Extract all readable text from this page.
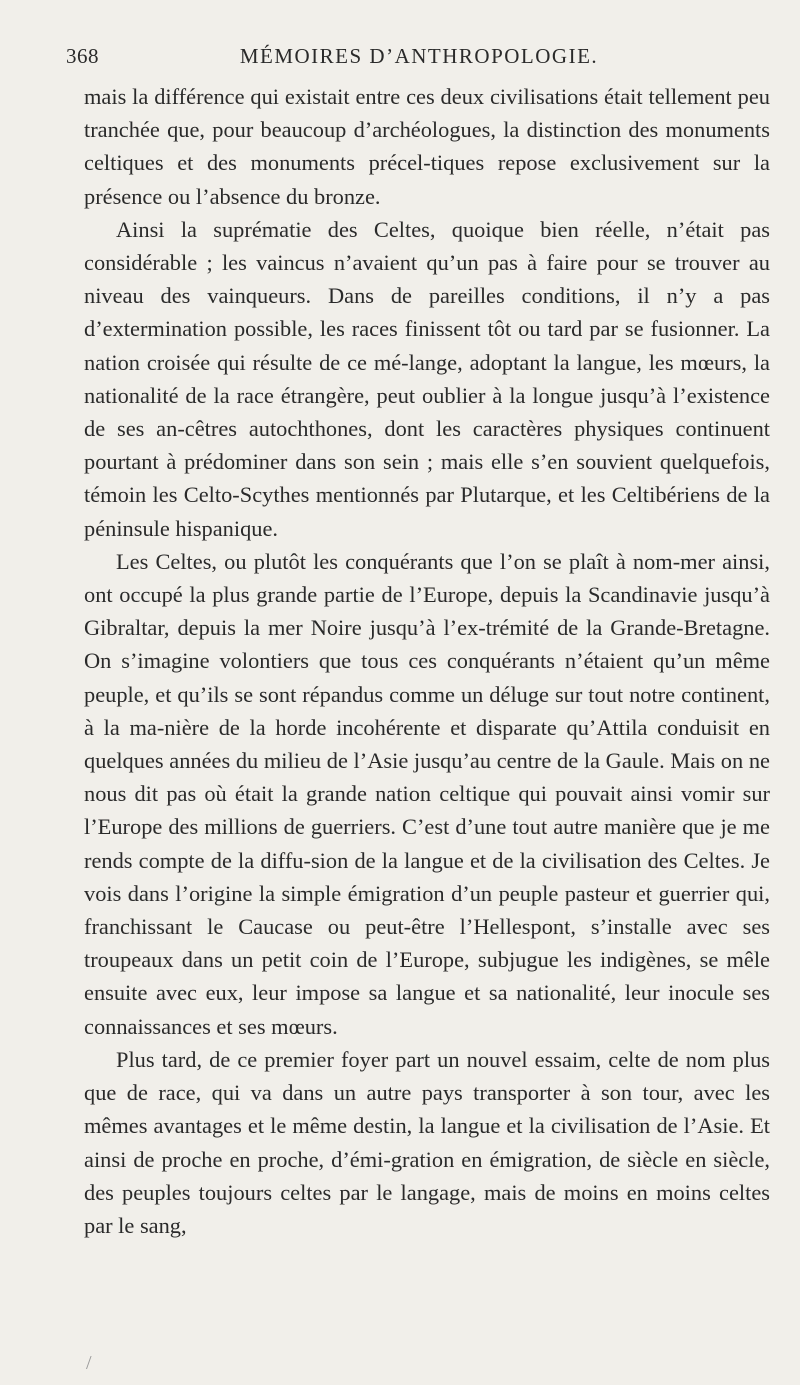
368	MÉMOIRES D’ANTHROPOLOGIE.

mais la différence qui existait entre ces deux civilisations était tellement peu tranchée que, pour beaucoup d’archéologues, la distinction des monuments celtiques et des monuments précel-tiques repose exclusivement sur la présence ou l’absence du bronze.

Ainsi la suprématie des Celtes, quoique bien réelle, n’était pas considérable ; les vaincus n’avaient qu’un pas à faire pour se trouver au niveau des vainqueurs. Dans de pareilles conditions, il n’y a pas d’extermination possible, les races finissent tôt ou tard par se fusionner. La nation croisée qui résulte de ce mé-lange, adoptant la langue, les mœurs, la nationalité de la race étrangère, peut oublier à la longue jusqu’à l’existence de ses an-cêtres autochthones, dont les caractères physiques continuent pourtant à prédominer dans son sein ; mais elle s’en souvient quelquefois, témoin les Celto-Scythes mentionnés par Plutarque, et les Celtibériens de la péninsule hispanique.

Les Celtes, ou plutôt les conquérants que l’on se plaît à nom-mer ainsi, ont occupé la plus grande partie de l’Europe, depuis la Scandinavie jusqu’à Gibraltar, depuis la mer Noire jusqu’à l’ex-trémité de la Grande-Bretagne. On s’imagine volontiers que tous ces conquérants n’étaient qu’un même peuple, et qu’ils se sont répandus comme un déluge sur tout notre continent, à la ma-nière de la horde incohérente et disparate qu’Attila conduisit en quelques années du milieu de l’Asie jusqu’au centre de la Gaule. Mais on ne nous dit pas où était la grande nation celtique qui pouvait ainsi vomir sur l’Europe des millions de guerriers. C’est d’une tout autre manière que je me rends compte de la diffu-sion de la langue et de la civilisation des Celtes. Je vois dans l’origine la simple émigration d’un peuple pasteur et guerrier qui, franchissant le Caucase ou peut-être l’Hellespont, s’installe avec ses troupeaux dans un petit coin de l’Europe, subjugue les indigènes, se mêle ensuite avec eux, leur impose sa langue et sa nationalité, leur inocule ses connaissances et ses mœurs.

Plus tard, de ce premier foyer part un nouvel essaim, celte de nom plus que de race, qui va dans un autre pays transporter à son tour, avec les mêmes avantages et le même destin, la langue et la civilisation de l’Asie. Et ainsi de proche en proche, d’émi-gration en émigration, de siècle en siècle, des peuples toujours celtes par le langage, mais de moins en moins celtes par le sang,

/
